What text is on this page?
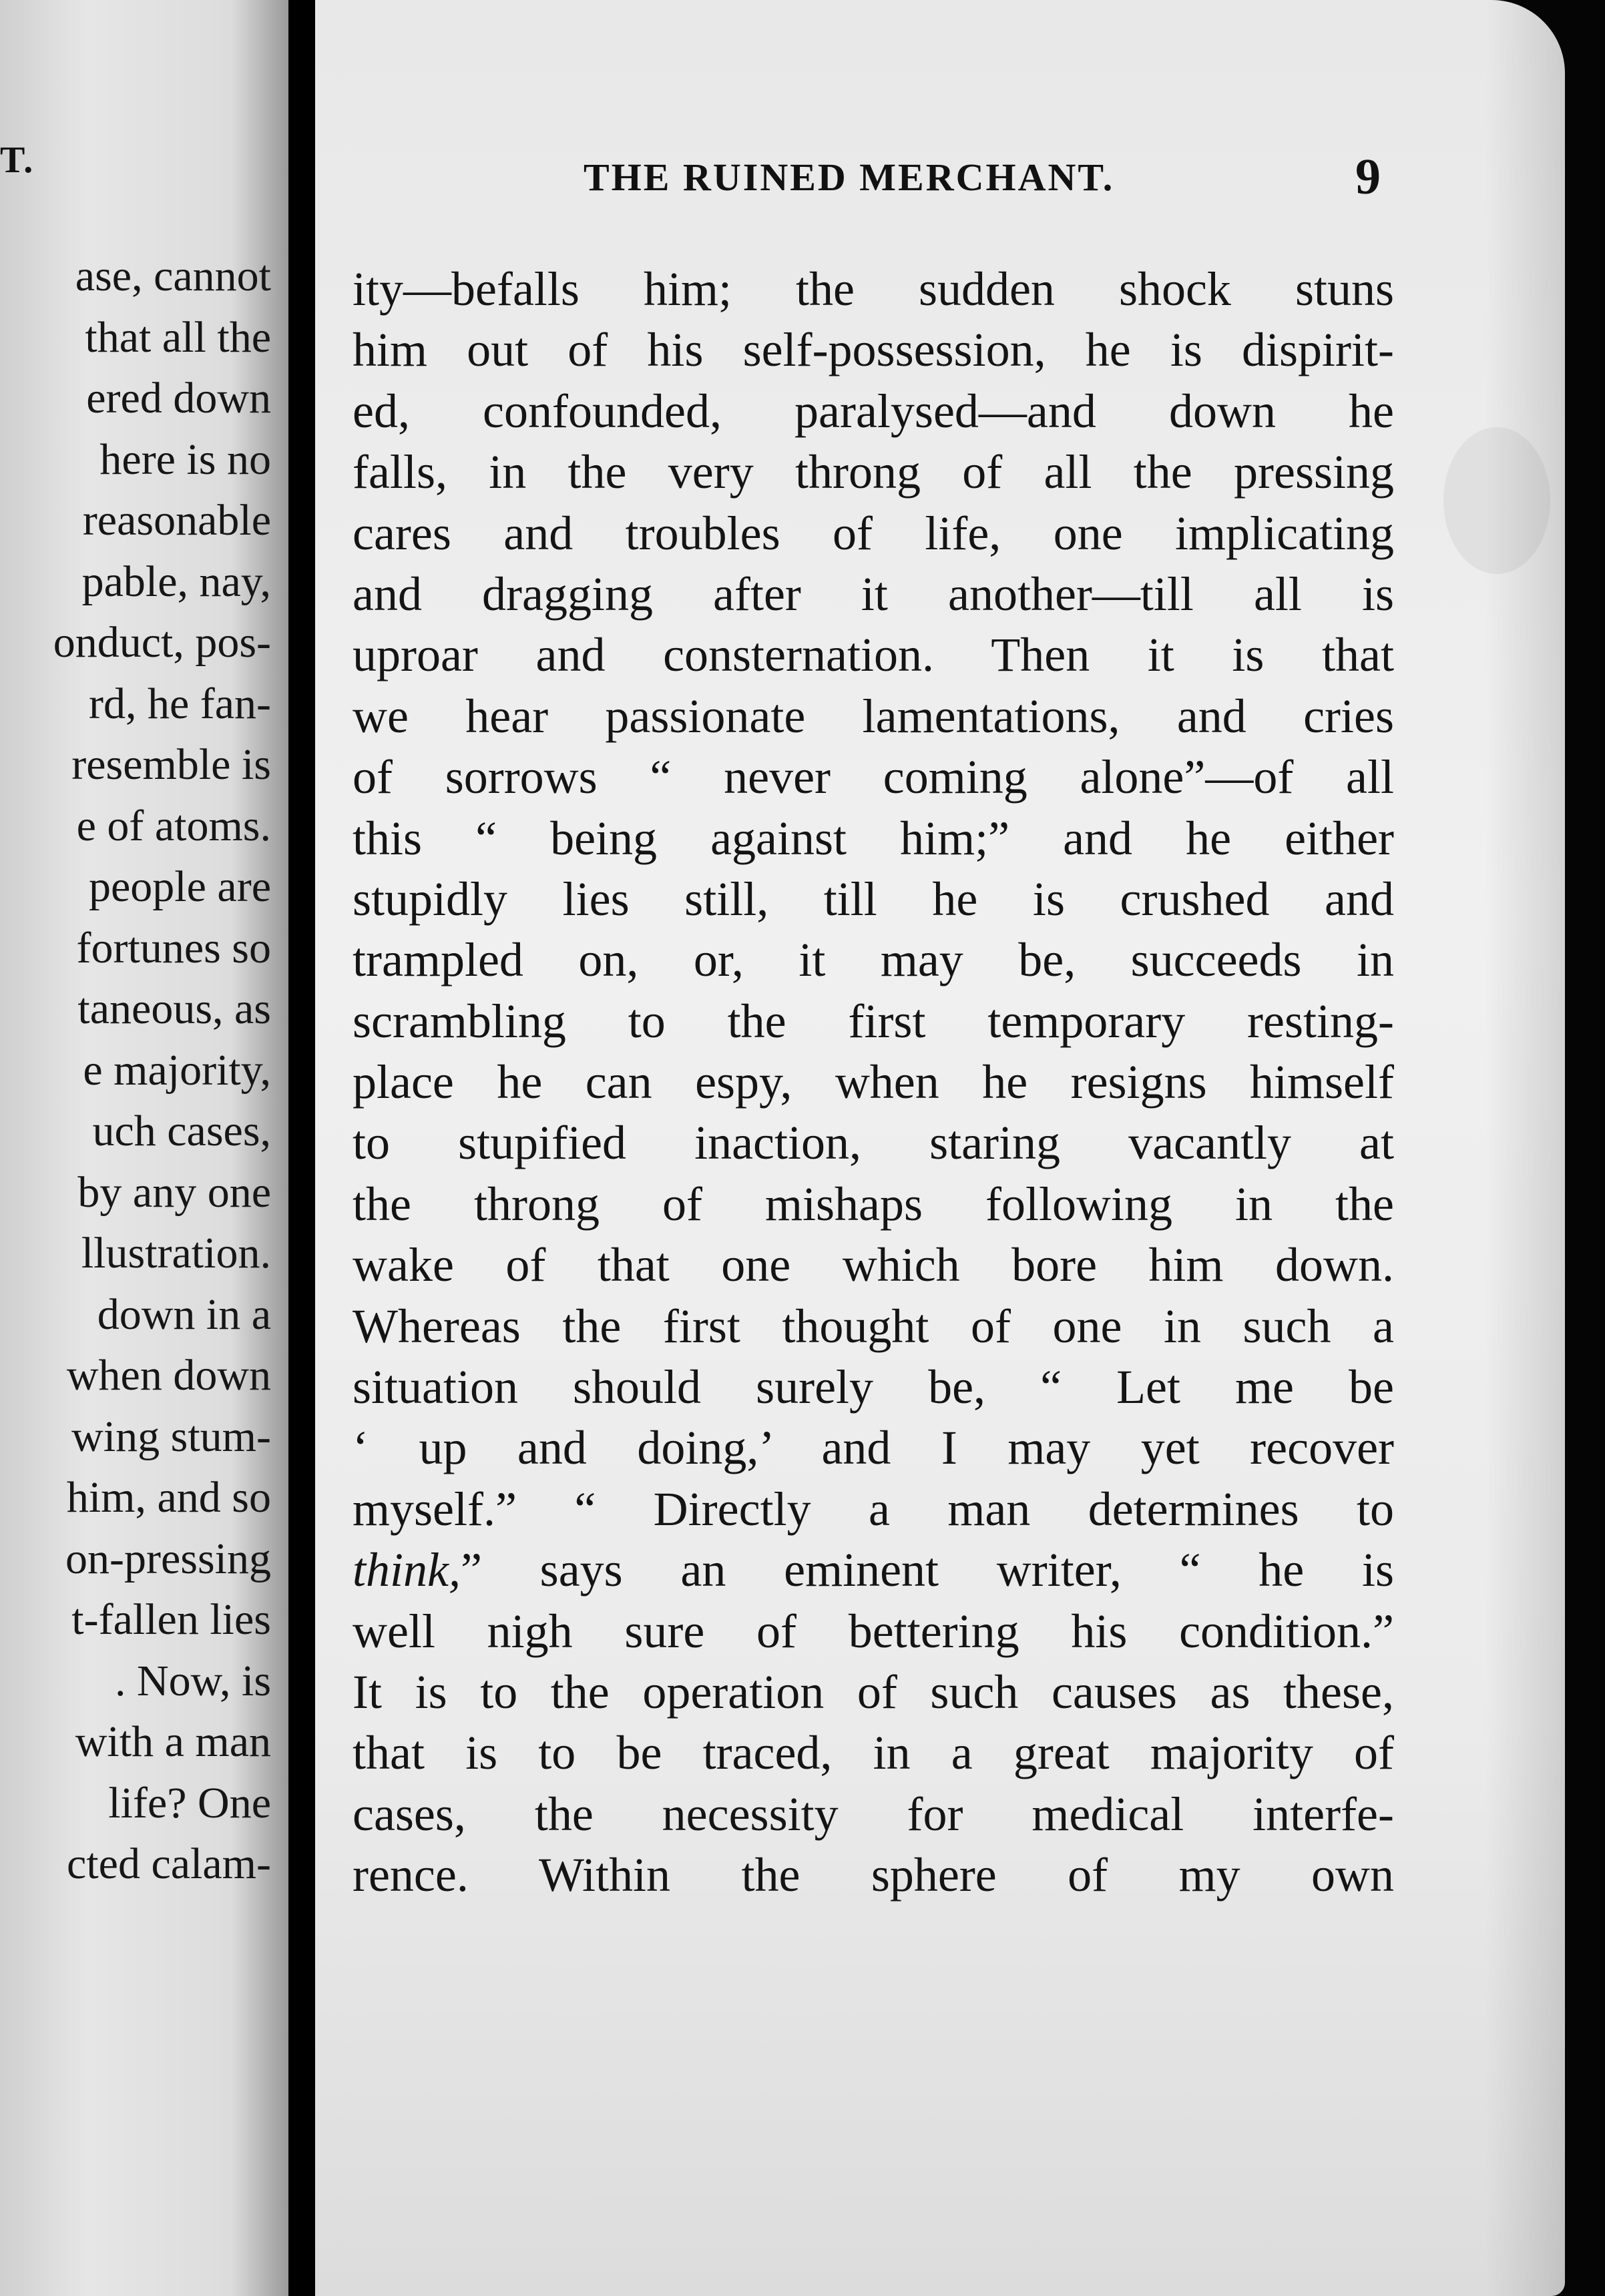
T.
ase, cannot
that all the
ered down
here is no
reasonable
pable, nay,
onduct, pos-
rd, he fan-
resemble is
e of atoms.
people are
fortunes so
taneous, as
e majority,
uch cases,
by any one
llustration.
down in a
when down
wing stum-
him, and so
on-pressing
t-fallen lies
. Now, is
with a man
life? One
cted calam-
THE RUINED MERCHANT.	9
ity—befalls him; the sudden shock stuns
him out of his self-possession, he is dispirit-
ed, confounded, paralysed—and down he
falls, in the very throng of all the pressing
cares and troubles of life, one implicating
and dragging after it another—till all is
uproar and consternation. Then it is that
we hear passionate lamentations, and cries
of sorrows “ never coming alone”—of all
this “ being against him;” and he either
stupidly lies still, till he is crushed and
trampled on, or, it may be, succeeds in
scrambling to the first temporary resting-
place he can espy, when he resigns himself
to stupified inaction, staring vacantly at
the throng of mishaps following in the
wake of that one which bore him down.
Whereas the first thought of one in such a
situation should surely be, “ Let me be
‘ up and doing,’ and I may yet recover
myself.” “ Directly a man determines to
think,” says an eminent writer, “ he is
well nigh sure of bettering his condition.”
It is to the operation of such causes as these,
that is to be traced, in a great majority of
cases, the necessity for medical interfe-
rence. Within the sphere of my own
